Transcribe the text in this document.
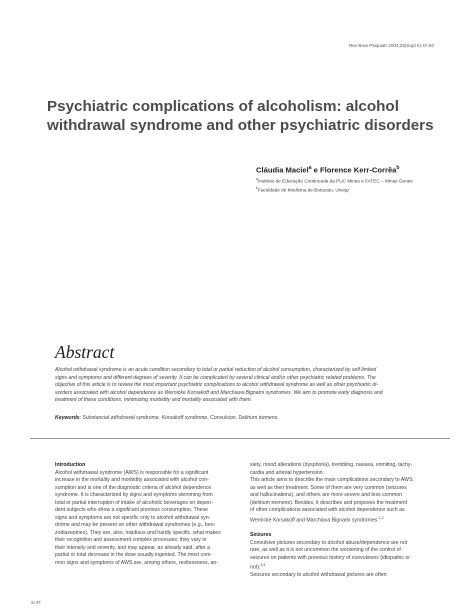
Rev Bras Psiquiatr 2004;26(Supl II):47-50
Psychiatric complications of alcoholism: alcohol
withdrawal syndrome and other psychiatric disorders
Cláudia Maciel$^a$ e Florence Kerr-Corrêa$^b$
$^a$Instituto de Educação Continuada da PUC Minas e FATEC – Minas Gerais
$^b$Faculdade de Medicina de Botucatu, Unesp
Abstract
Alcohol withdrawal syndrome is an acute condition secondary to total or partial reduction of alcohol consumption, characterized by self limited
signs and symptoms and different degrees of severity. It can be complicated by several clinical and/or other psychiatric related problems. The
objective of this article is to review the most important psychiatric complications to alcohol withdrawal syndrome as well as other psychiatric di-
sorders associated with alcohol dependence as Wernicke Korsakoff and Marchiava Bignami syndromes. We aim to promote early diagnosis and
treatment of these conditions, minimizing morbidity and mortality associated with them.
Keywords: Substancial withdrawal syndrome. Korsakoff syndrome. Convulsion. Delirium tremens.
Introduction
Alcohol withdrawal syndrome (AWS) is responsible for a significant
increase in the mortality and morbidity associated with alcohol con-
sumption and is one of the diagnostic criteria of alcohol dependence
syndrome. It is characterized by signs and symptoms stemming from
total or partial interruption of intake of alcoholic beverages on depen-
dent subjects who show a significant previous consumption. These
signs and symptoms are not specific only to alcohol withdrawal syn-
drome and may be present on other withdrawal syndromes (e.g., ben-
zodiazepines). They are, also, insidious and hardly specific, what makes
their recognition and assessment complex processes; they vary in
their intensity and severity, and may appear, as already said, after a
partial or total decrease in the dose usually ingested. The most com-
mon signs and symptoms of AWS are, among others, restlessness, an-
xiety, mood alterations (dysphoria), trembling, nausea, vomiting, tachy-
cardia and arterial hypertension.
This article aims to describe the main complications secondary to AWS,
as well as their treatment. Some of them are very common (seizures
and hallucinations), and others are more severe and less common
(delirium tremens). Besides, it describes and proposes the treatment
of other complications associated with alcohol dependence such as
Wernicke Korsakoff and Marchiava Bignami syndromes.$^{1,2}$

Seizures
Convulsive pictures secondary to alcohol abuse/dependence are not
rare, as well as it is not uncommon the worsening of the control of
seizures on patients with previous history of convulsions (idiopathic or
not).$^{3,4}$
Seizures secondary to alcohol withdrawal pictures are often
S-47
